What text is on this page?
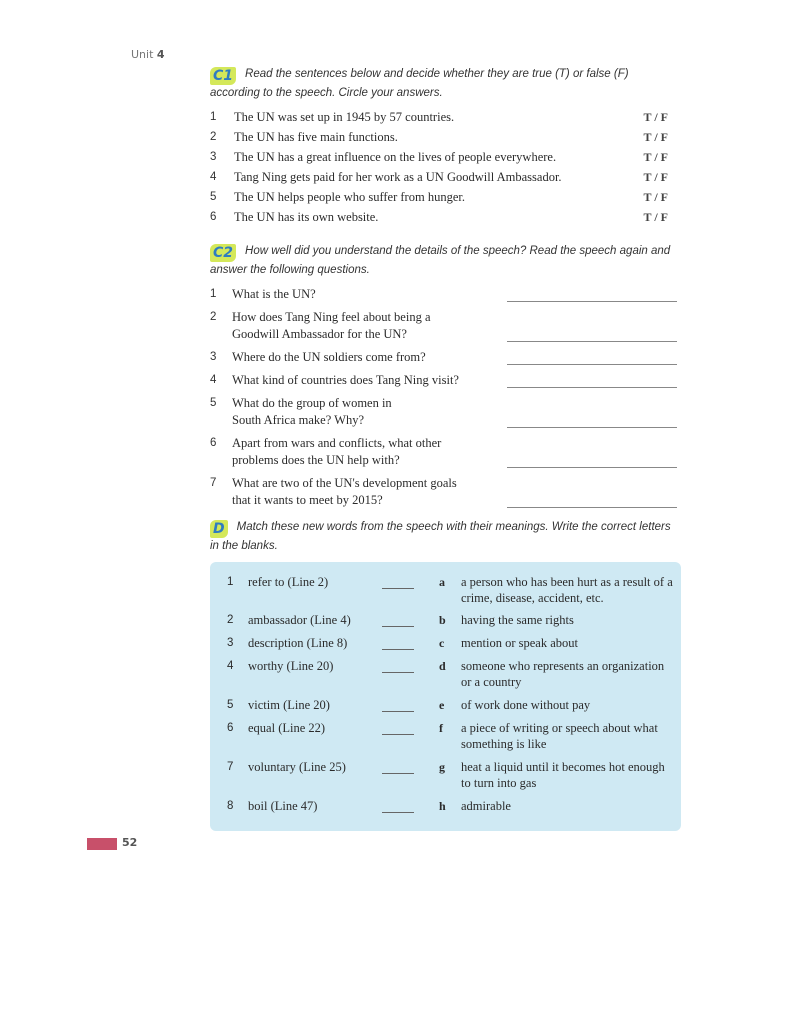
Unit 4
C1 Read the sentences below and decide whether they are true (T) or false (F) according to the speech. Circle your answers.
1 The UN was set up in 1945 by 57 countries.	T / F
2 The UN has five main functions.	T / F
3 The UN has a great influence on the lives of people everywhere.	T / F
4 Tang Ning gets paid for her work as a UN Goodwill Ambassador.	T / F
5 The UN helps people who suffer from hunger.	T / F
6 The UN has its own website.	T / F
C2 How well did you understand the details of the speech? Read the speech again and answer the following questions.
1 What is the UN?
2 How does Tang Ning feel about being a Goodwill Ambassador for the UN?
3 Where do the UN soldiers come from?
4 What kind of countries does Tang Ning visit?
5 What do the group of women in South Africa make? Why?
6 Apart from wars and conflicts, what other problems does the UN help with?
7 What are two of the UN's development goals that it wants to meet by 2015?
D Match these new words from the speech with their meanings. Write the correct letters in the blanks.
1 refer to (Line 2)	a a person who has been hurt as a result of a crime, disease, accident, etc.
2 ambassador (Line 4)	b having the same rights
3 description (Line 8)	c mention or speak about
4 worthy (Line 20)	d someone who represents an organization or a country
5 victim (Line 20)	e of work done without pay
6 equal (Line 22)	f a piece of writing or speech about what something is like
7 voluntary (Line 25)	g heat a liquid until it becomes hot enough to turn into gas
8 boil (Line 47)	h admirable
52
